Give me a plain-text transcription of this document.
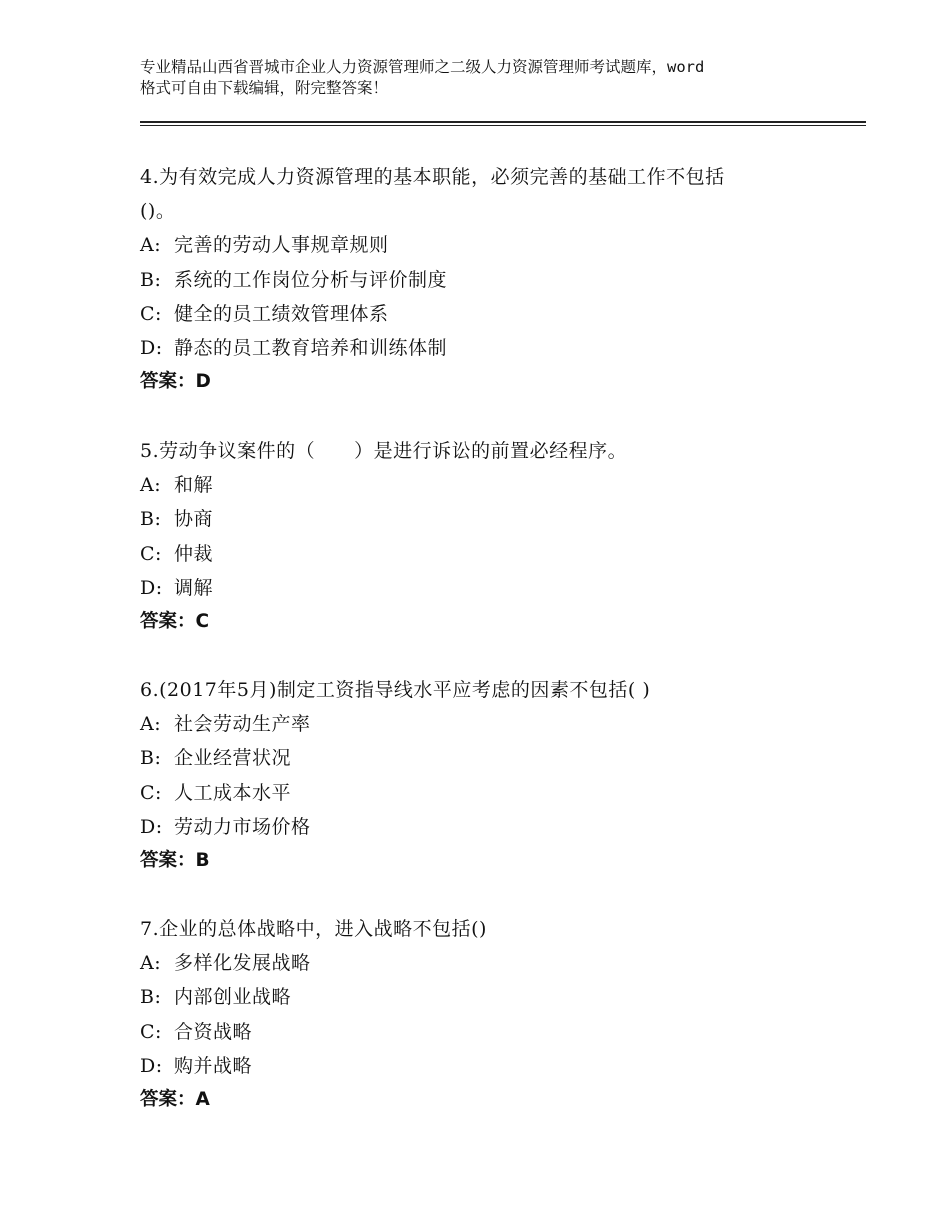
专业精品山西省晋城市企业人力资源管理师之二级人力资源管理师考试题库，word
格式可自由下载编辑，附完整答案！
4.为有效完成人力资源管理的基本职能，必须完善的基础工作不包括
()。
A: 完善的劳动人事规章规则
B: 系统的工作岗位分析与评价制度
C: 健全的员工绩效管理体系
D: 静态的员工教育培养和训练体制
答案：D
5.劳动争议案件的（　　）是进行诉讼的前置必经程序。
A: 和解
B: 协商
C: 仲裁
D: 调解
答案：C
6.(2017年5月)制定工资指导线水平应考虑的因素不包括( )
A: 社会劳动生产率
B: 企业经营状况
C: 人工成本水平
D: 劳动力市场价格
答案：B
7.企业的总体战略中，进入战略不包括()
A: 多样化发展战略
B: 内部创业战略
C: 合资战略
D: 购并战略
答案：A
